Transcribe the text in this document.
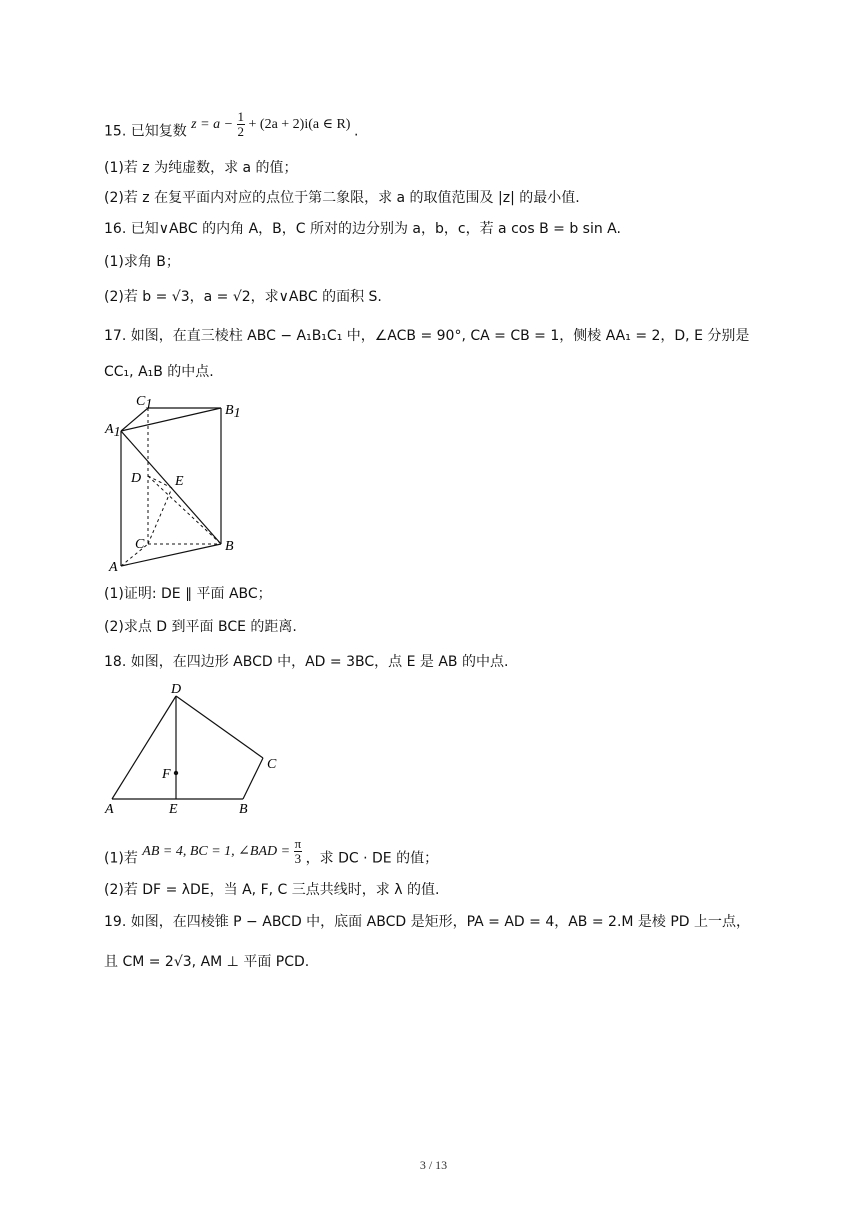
15. 已知复数 $z = a - \frac{1}{2} + (2a + 2)i(a$ ∈ R) .
(1)若 z 为纯虚数，求 a 的值；
(2)若 z 在复平面内对应的点位于第二象限，求 a 的取值范围及 |z| 的最小值.
16. 已知∨ABC 的内角 A，B，C 所对的边分别为 a，b，c，若 a cos B = b sin A.
(1)求角 B；
(2)若 b = √3，a = √2，求∨ABC 的面积 S.
17. 如图，在直三棱柱 ABC − A₁B₁C₁ 中，∠ACB = 90°, CA = CB = 1，侧棱 AA₁ = 2，D, E 分别是
CC₁, A₁B 的中点.
C1	B1
A1
D E
C	B
A
(1)证明: DE ∥ 平面 ABC；
(2)求点 D 到平面 BCE 的距离.
18. 如图，在四边形 ABCD 中，AD = 3BC，点 E 是 AB 的中点.
D
C
F
A	E	B
(1)若 AB = 4, BC = 1, ∠BAD = $\frac{\pi}{3}$ ，求 DC · DE 的值；
(2)若 DF = λDE，当 A, F, C 三点共线时，求 λ 的值.
19. 如图，在四棱锥 P − ABCD 中，底面 ABCD 是矩形，PA = AD = 4，AB = 2.M 是棱 PD 上一点，
且 CM = 2√3, AM ⊥ 平面 PCD.
3 / 13
